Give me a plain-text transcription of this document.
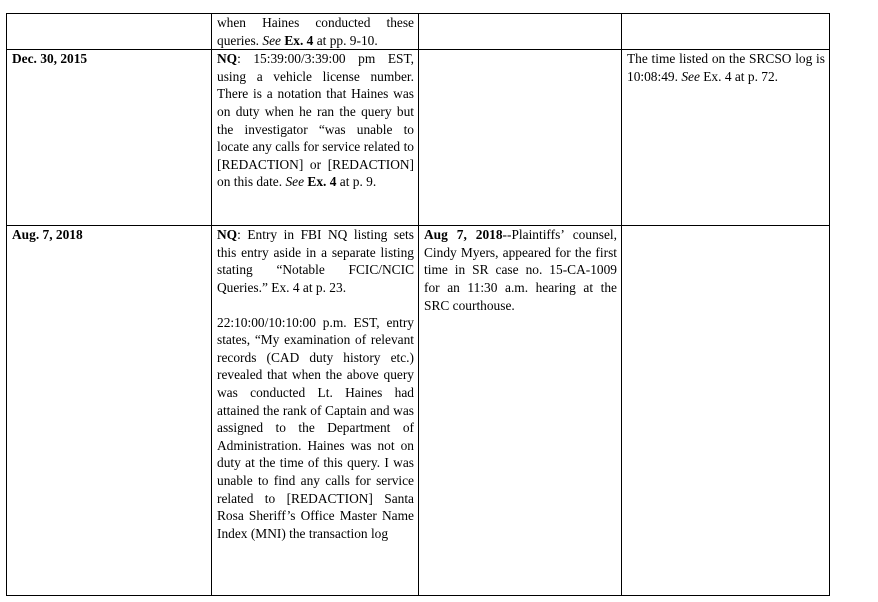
	when Haines conducted these queries. See Ex. 4 at pp. 9-10.		
Dec. 30, 2015	NQ: 15:39:00/3:39:00 pm EST, using a vehicle license number. There is a notation that Haines was on duty when he ran the query but the investigator “was unable to locate any calls for service related to [REDACTION] or [REDACTION] on this date. See Ex. 4 at p. 9.		The time listed on the SRCSO log is 10:08:49. See Ex. 4 at p. 72.
Aug. 7, 2018	NQ: Entry in FBI NQ listing sets this entry aside in a separate listing stating “Notable FCIC/NCIC Queries.” Ex. 4 at p. 23.

22:10:00/10:10:00 p.m. EST, entry states, “My examination of relevant records (CAD duty history etc.) revealed that when the above query was conducted Lt. Haines had attained the rank of Captain and was assigned to the Department of Administration. Haines was not on duty at the time of this query. I was unable to find any calls for service related to [REDACTION] Santa Rosa Sheriff’s Office Master Name Index (MNI) the transaction log	Aug 7, 2018--Plaintiffs’ counsel, Cindy Myers, appeared for the first time in SR case no. 15-CA-1009 for an 11:30 a.m. hearing at the SRC courthouse.	
